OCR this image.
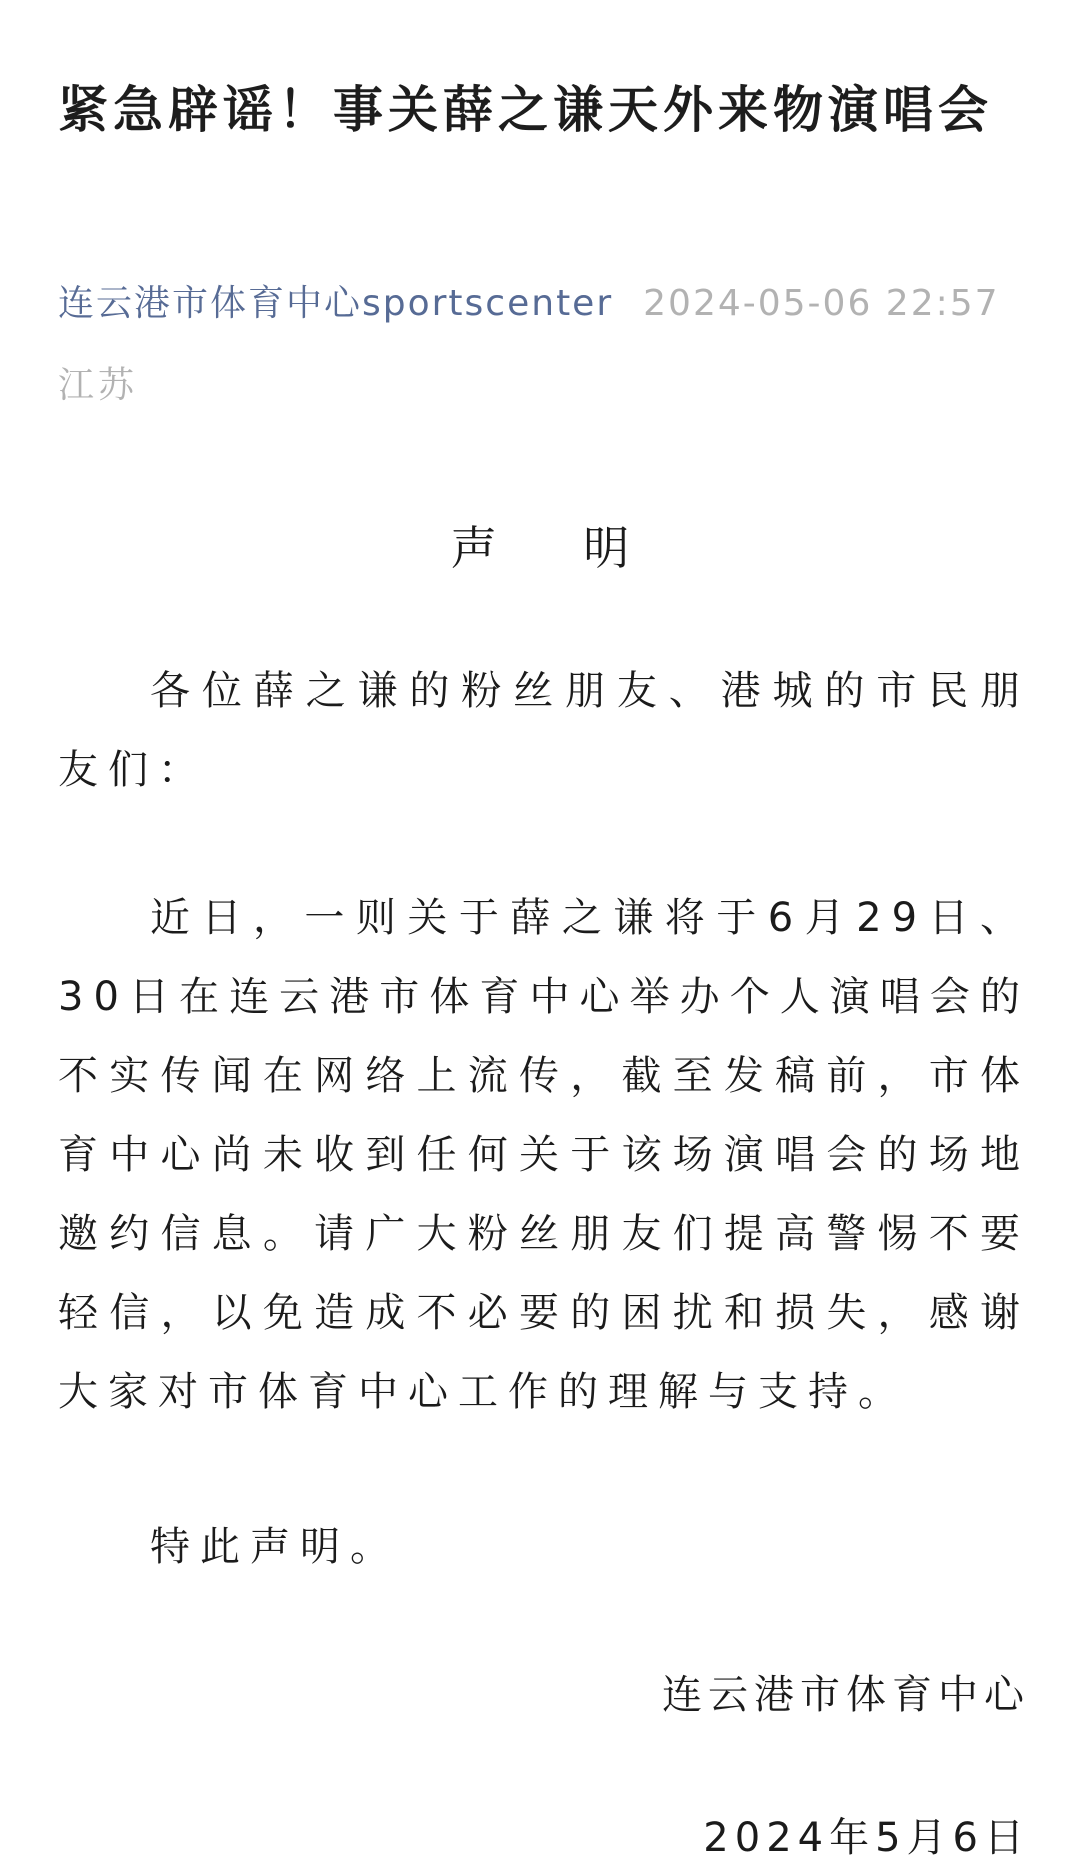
紧急辟谣！事关薛之谦天外来物演唱会
连云港市体育中心sportscenter 2024-05-06 22:57
江苏
声 明

各位薛之谦的粉丝朋友、港城的市民朋友们：

近日，一则关于薛之谦将于6月29日、30日在连云港市体育中心举办个人演唱会的不实传闻在网络上流传，截至发稿前，市体育中心尚未收到任何关于该场演唱会的场地邀约信息。请广大粉丝朋友们提高警惕不要轻信，以免造成不必要的困扰和损失，感谢大家对市体育中心工作的理解与支持。

特此声明。

连云港市体育中心
2024年5月6日
